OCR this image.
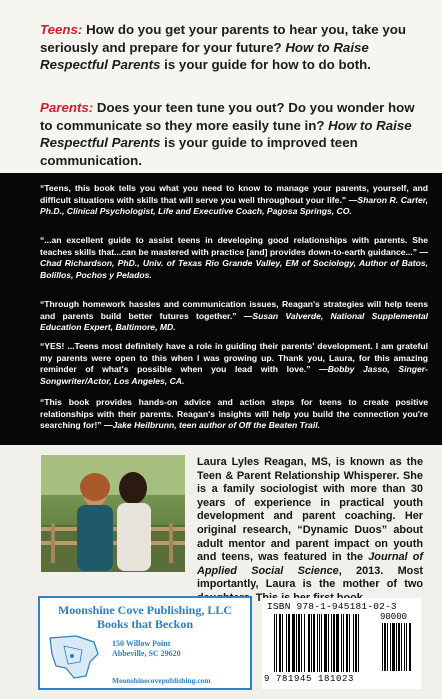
Teens: How do you get your parents to hear you, take you seriously and prepare for your future? How to Raise Respectful Parents is your guide for how to do both.
Parents: Does your teen tune you out? Do you wonder how to communicate so they more easily tune in? How to Raise Respectful Parents is your guide to improved teen communication.
“Teens, this book tells you what you need to know to manage your parents, yourself, and difficult situations with skills that will serve you well throughout your life.” —Sharon R. Carter, Ph.D., Clinical Psychologist, Life and Executive Coach, Pagosa Springs, CO.
“...an excellent guide to assist teens in developing good relationships with parents. She teaches skills that...can be mastered with practice [and] provides down-to-earth guidance...” —Chad Richardson, PhD., Univ. of Texas Rio Grande Valley, EM of Sociology, Author of Batos, Bolillos, Pochos y Pelados.
“Through homework hassles and communication issues, Reagan's strategies will help teens and parents build better futures together.” —Susan Valverde, National Supplemental Education Expert, Baltimore, MD.
“YES! ...Teens most definitely have a role in guiding their parents' development. I am grateful my parents were open to this when I was growing up. Thank you, Laura, for this amazing reminder of what's possible when you lead with love.” —Bobby Jasso, Singer-Songwriter/Actor, Los Angeles, CA.
“This book provides hands-on advice and action steps for teens to create positive relationships with their parents. Reagan's insights will help you build the connection you're searching for!” —Jake Heilbrunn, teen author of Off the Beaten Trail.
Laura Lyles Reagan, MS, is known as the Teen & Parent Relationship Whisperer. She is a family sociologist with more than 30 years of experience in practical youth development and parent coaching. Her original research, “Dynamic Duos” about adult mentor and parent impact on youth and teens, was featured in the Journal of Applied Social Science, 2013. Most importantly, Laura is the mother of two
Moonshine Cove Publishing, LLC
Books that Beckon
150 Willow Point
Abbeville, SC 29620
Moonshinecovepublishing.com
ISBN 978-1-945181-02-3
90000
9 781945 181023
